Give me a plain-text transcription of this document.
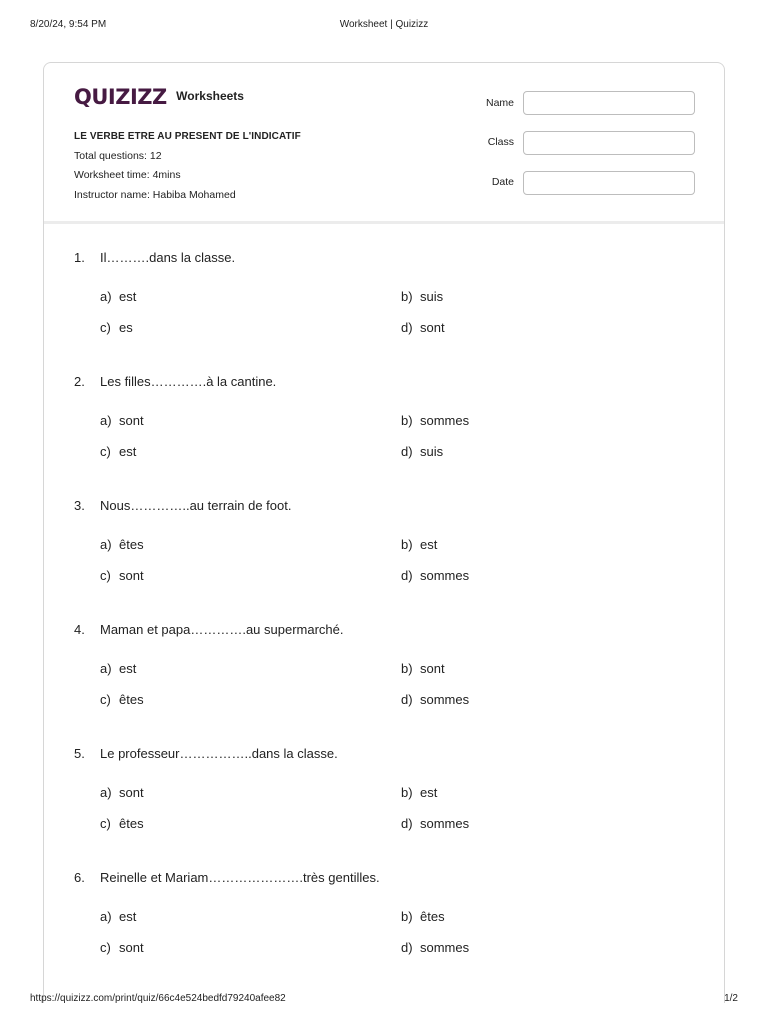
8/20/24, 9:54 PM	Worksheet | Quizizz
QUIZIZZ Worksheets
LE VERBE ETRE AU PRESENT DE L'INDICATIF
Total questions: 12
Worksheet time: 4mins
Instructor name: Habiba Mohamed
Name
Class
Date
1. Il……….dans la classe.
a) est	b) suis
c) es	d) sont
2. Les filles………….à la cantine.
a) sont	b) sommes
c) est	d) suis
3. Nous…………..au terrain de foot.
a) êtes	b) est
c) sont	d) sommes
4. Maman et papa………….au supermarché.
a) est	b) sont
c) êtes	d) sommes
5. Le professeur……………..dans la classe.
a) sont	b) est
c) êtes	d) sommes
6. Reinelle et Mariam………………….très gentilles.
a) est	b) êtes
c) sont	d) sommes
https://quizizz.com/print/quiz/66c4e524bedfd79240afee82	1/2
